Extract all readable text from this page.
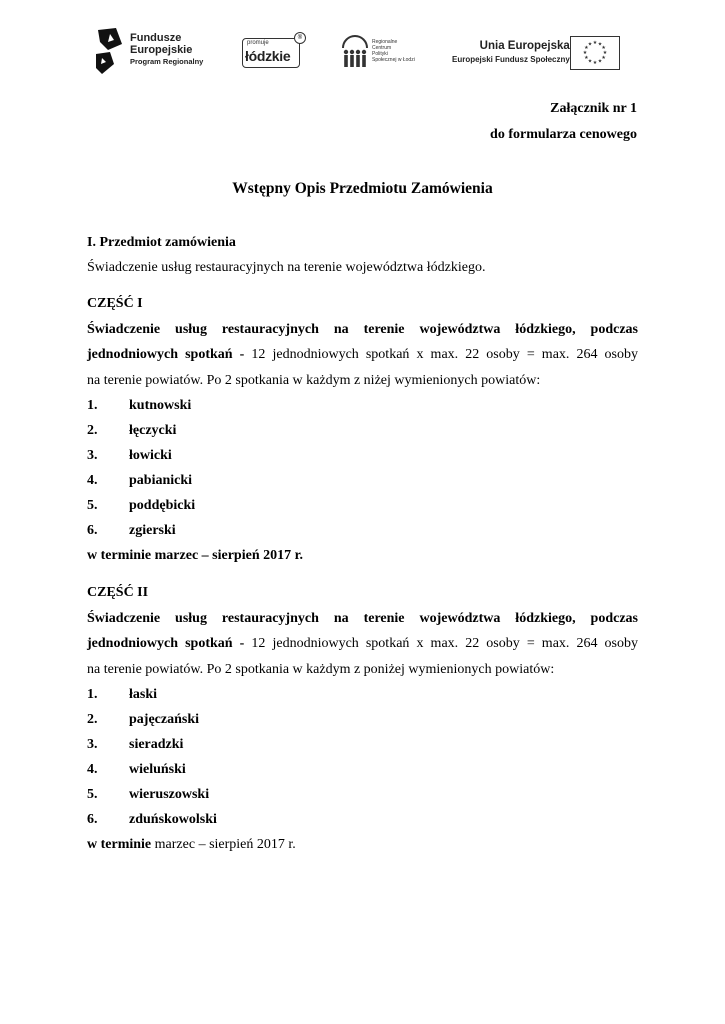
Fundusze
Europejskie
Program Regionalny
promuje
łódzkie
®
Regionalne
Centrum
Polityki
Społecznej w Łodzi
Unia Europejska
Europejski Fundusz Społeczny
★ ★
★
★
★
★
★
★
★
★
★
★
Załącznik nr 1
do formularza cenowego
Wstępny Opis Przedmiotu Zamówienia
I. Przedmiot zamówienia
Świadczenie usług restauracyjnych na terenie województwa łódzkiego.
CZĘŚĆ I
Świadczenie usług restauracyjnych na terenie województwa łódzkiego, podczas
jednodniowych spotkań - 12 jednodniowych spotkań x max. 22 osoby = max. 264 osoby
na terenie powiatów. Po 2 spotkania w każdym z niżej wymienionych powiatów:
1. kutnowski
2. łęczycki
3. łowicki
4. pabianicki
5. poddębicki
6. zgierski
w terminie marzec – sierpień 2017 r.
CZĘŚĆ II
Świadczenie usług restauracyjnych na terenie województwa łódzkiego, podczas
jednodniowych spotkań - 12 jednodniowych spotkań x max. 22 osoby = max. 264 osoby
na terenie powiatów. Po 2 spotkania w każdym z poniżej wymienionych powiatów:
1. łaski
2. pajęczański
3. sieradzki
4. wieluński
5. wieruszowski
6. zduńskowolski
w terminie marzec – sierpień 2017 r.
